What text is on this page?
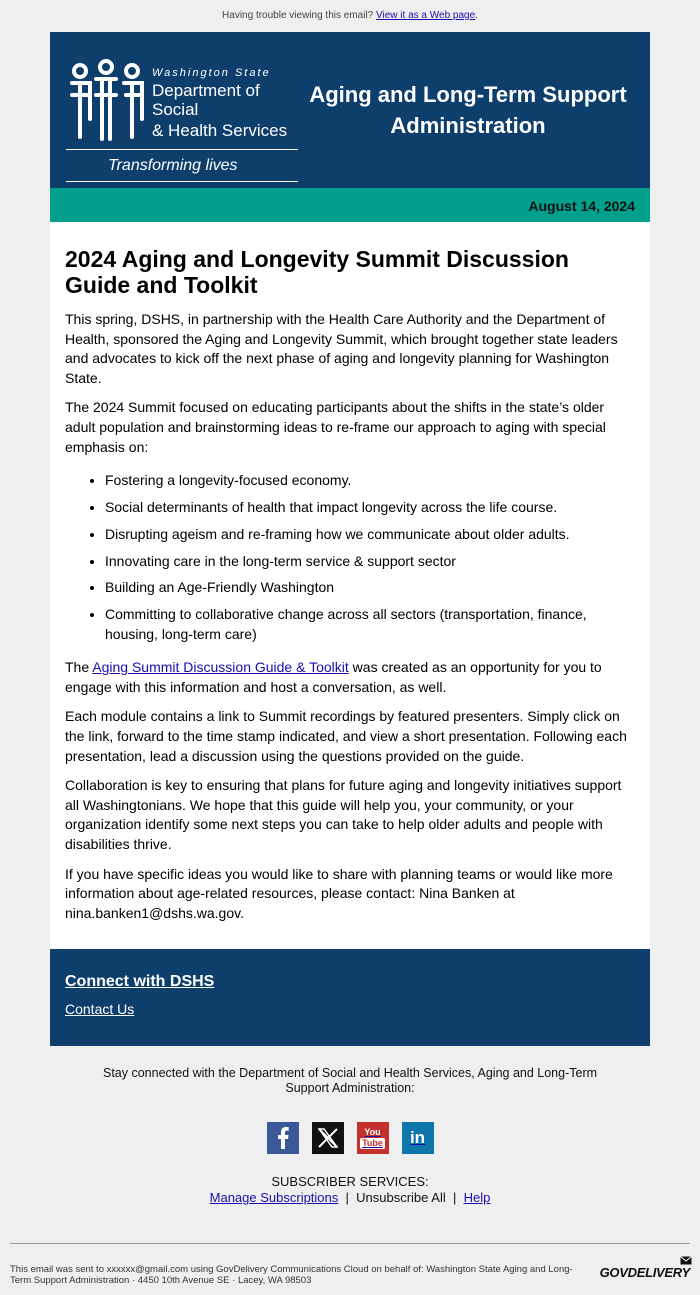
Having trouble viewing this email? View it as a Web page.
Washington State
Department of Social
& Health Services
Transforming lives
Aging and Long-Term Support Administration
August 14, 2024
2024 Aging and Longevity Summit Discussion Guide and Toolkit

This spring, DSHS, in partnership with the Health Care Authority and the Department of Health, sponsored the Aging and Longevity Summit, which brought together state leaders and advocates to kick off the next phase of aging and longevity planning for Washington State.

The 2024 Summit focused on educating participants about the shifts in the state’s older adult population and brainstorming ideas to re-frame our approach to aging with special emphasis on:

• Fostering a longevity-focused economy.
• Social determinants of health that impact longevity across the life course.
• Disrupting ageism and re-framing how we communicate about older adults.
• Innovating care in the long-term service & support sector
• Building an Age-Friendly Washington
• Committing to collaborative change across all sectors (transportation, finance, housing, long-term care)

The Aging Summit Discussion Guide & Toolkit was created as an opportunity for you to engage with this information and host a conversation, as well.

Each module contains a link to Summit recordings by featured presenters. Simply click on the link, forward to the time stamp indicated, and view a short presentation. Following each presentation, lead a discussion using the questions provided on the guide.

Collaboration is key to ensuring that plans for future aging and longevity initiatives support all Washingtonians. We hope that this guide will help you, your community, or your organization identify some next steps you can take to help older adults and people with disabilities thrive.

If you have specific ideas you would like to share with planning teams or would like more information about age-related resources, please contact: Nina Banken at nina.banken1@dshs.wa.gov.

Connect with DSHS
Contact Us
Stay connected with the Department of Social and Health Services, Aging and Long-Term Support Administration:
You
Tube in
SUBSCRIBER SERVICES:
Manage Subscriptions | Unsubscribe All | Help
This email was sent to xxxxxx@gmail.com using GovDelivery Communications Cloud on behalf of: Washington State Aging and Long-Term Support Administration · 4450 10th Avenue SE · Lacey, WA 98503
GOVDELIVERY
